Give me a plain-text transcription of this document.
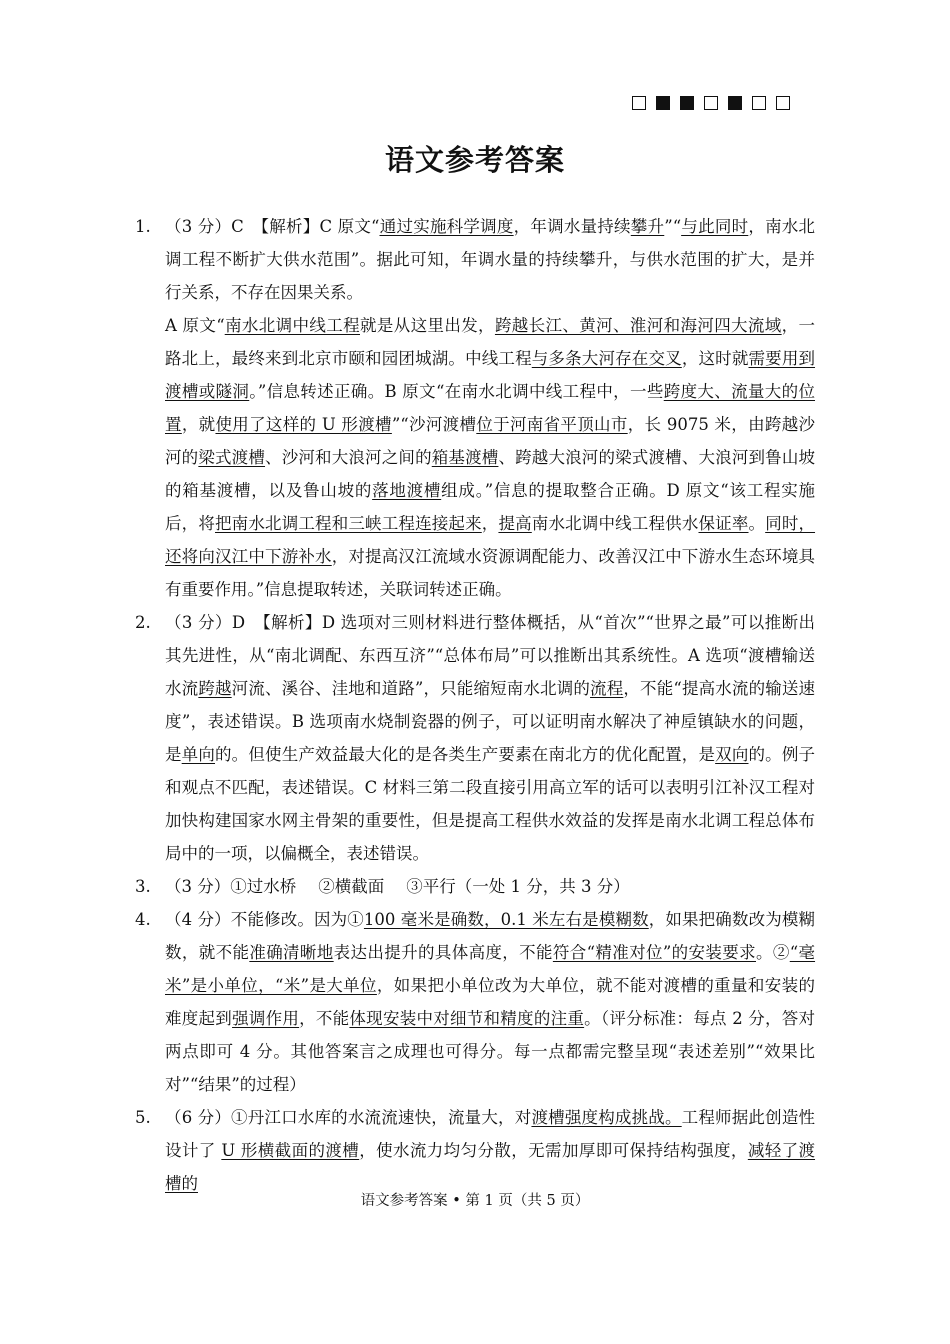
语文参考答案
1. （3 分）C　【解析】C 原文“通过实施科学调度，年调水量持续攀升”“与此同时，南水北调工程不断扩大供水范围”。据此可知，年调水量的持续攀升，与供水范围的扩大，是并行关系，不存在因果关系。
A 原文“南水北调中线工程就是从这里出发，跨越长江、黄河、淮河和海河四大流域，一路北上，最终来到北京市颐和园团城湖。中线工程与多条大河存在交叉，这时就需要用到渡槽或隧洞。”信息转述正确。B 原文“在南水北调中线工程中，一些跨度大、流量大的位置，就使用了这样的 U 形渡槽”“沙河渡槽位于河南省平顶山市，长 9075 米，由跨越沙河的梁式渡槽、沙河和大浪河之间的箱基渡槽、跨越大浪河的梁式渡槽、大浪河到鲁山坡的箱基渡槽，以及鲁山坡的落地渡槽组成。”信息的提取整合正确。D 原文“该工程实施后，将把南水北调工程和三峡工程连接起来，提高南水北调中线工程供水保证率。同时，还将向汉江中下游补水，对提高汉江流域水资源调配能力、改善汉江中下游水生态环境具有重要作用。”信息提取转述，关联词转述正确。
2. （3 分）D　【解析】D 选项对三则材料进行整体概括，从“首次”“世界之最”可以推断出其先进性，从“南北调配、东西互济”“总体布局”可以推断出其系统性。A 选项“渡槽输送水流跨越河流、溪谷、洼地和道路”，只能缩短南水北调的流程，不能“提高水流的输送速度”，表述错误。B 选项南水烧制瓷器的例子，可以证明南水解决了神垕镇缺水的问题，是单向的。但使生产效益最大化的是各类生产要素在南北方的优化配置，是双向的。例子和观点不匹配，表述错误。C 材料三第二段直接引用高立军的话可以表明引江补汉工程对加快构建国家水网主骨架的重要性，但是提高工程供水效益的发挥是南水北调工程总体布局中的一项，以偏概全，表述错误。
3. （3 分）①过水桥 ②横截面 ③平行（一处 1 分，共 3 分）
4. （4 分）不能修改。因为①100 毫米是确数，0.1 米左右是模糊数，如果把确数改为模糊数，就不能准确清晰地表达出提升的具体高度，不能符合“精准对位”的安装要求。②“毫米”是小单位，“米”是大单位，如果把小单位改为大单位，就不能对渡槽的重量和安装的难度起到强调作用，不能体现安装中对细节和精度的注重。（评分标准：每点 2 分，答对两点即可 4 分。其他答案言之成理也可得分。每一点都需完整呈现“表述差别”“效果比对”“结果”的过程）
5. （6 分）①丹江口水库的水流流速快，流量大，对渡槽强度构成挑战。工程师据此创造性设计了 U 形横截面的渡槽，使水流力均匀分散，无需加厚即可保持结构强度，减轻了渡槽的
语文参考答案 • 第 1 页（共 5 页）
